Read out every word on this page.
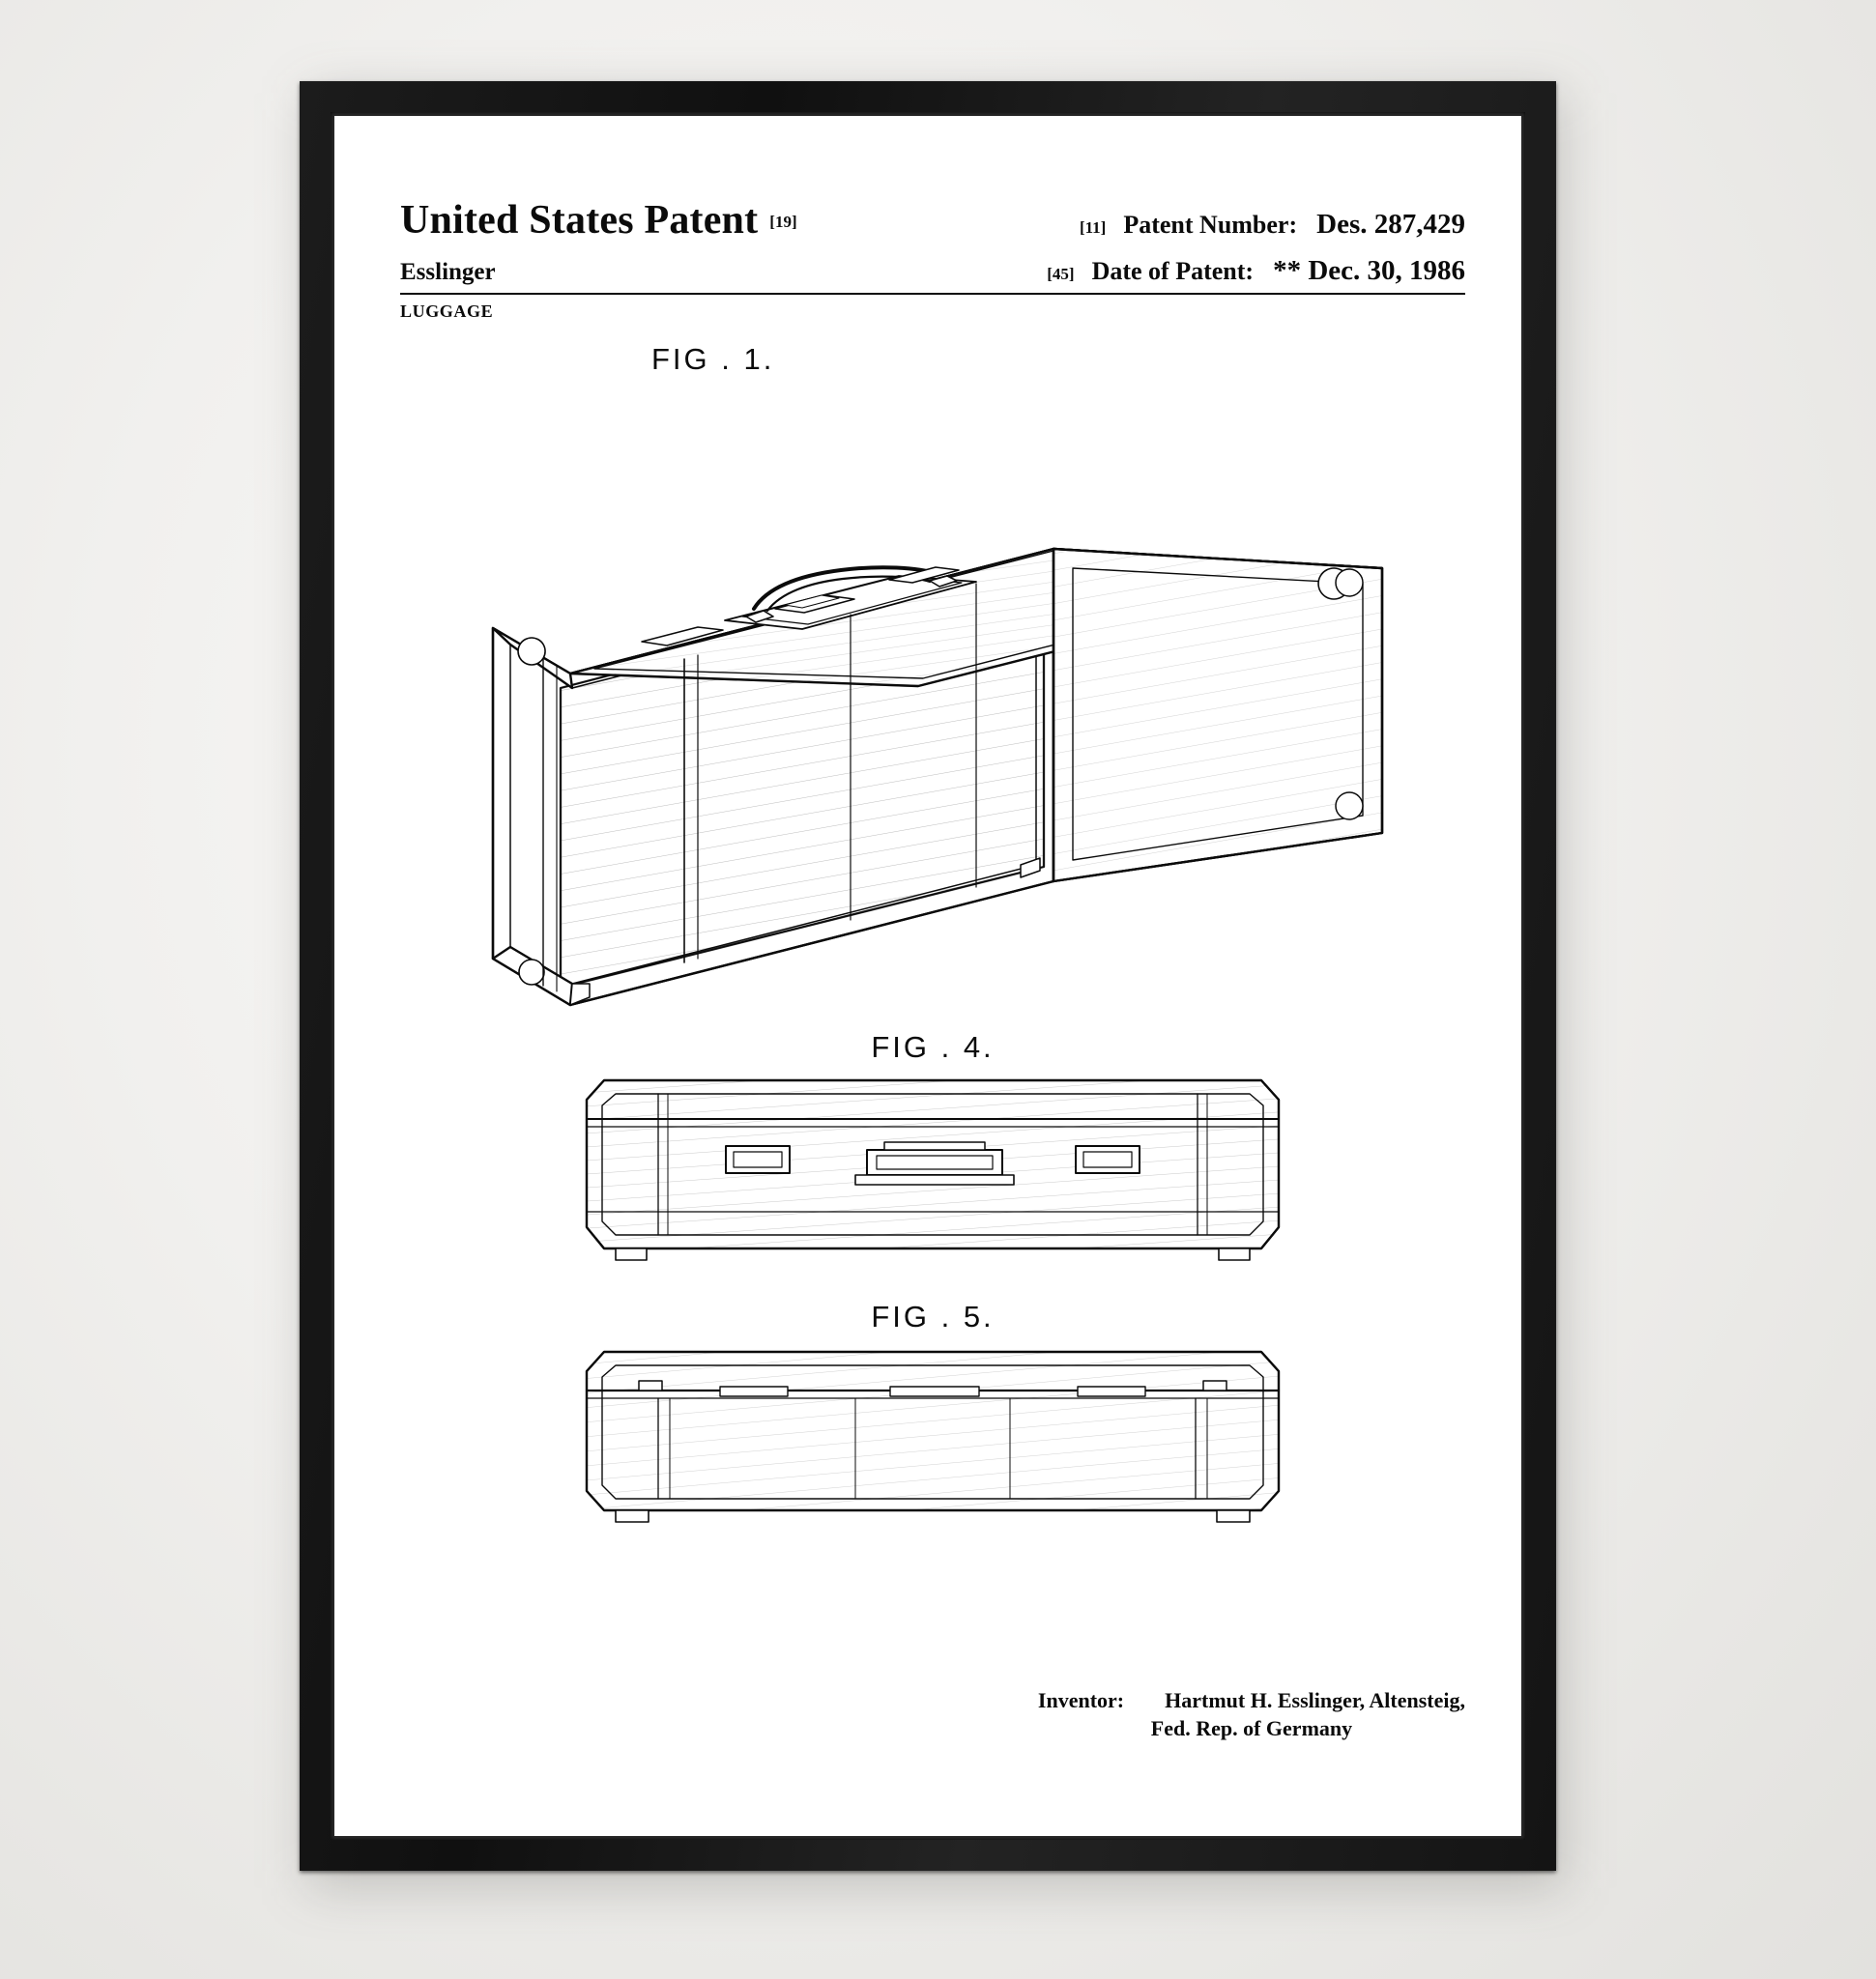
United States Patent [19]	[11] Patent Number: Des. 287,429
Esslinger	[45] Date of Patent: ** Dec. 30, 1986
LUGGAGE
FIG . 1.
FIG . 4.
FIG . 5.
Inventor: Hartmut H. Esslinger, Altensteig,
Fed. Rep. of Germany
